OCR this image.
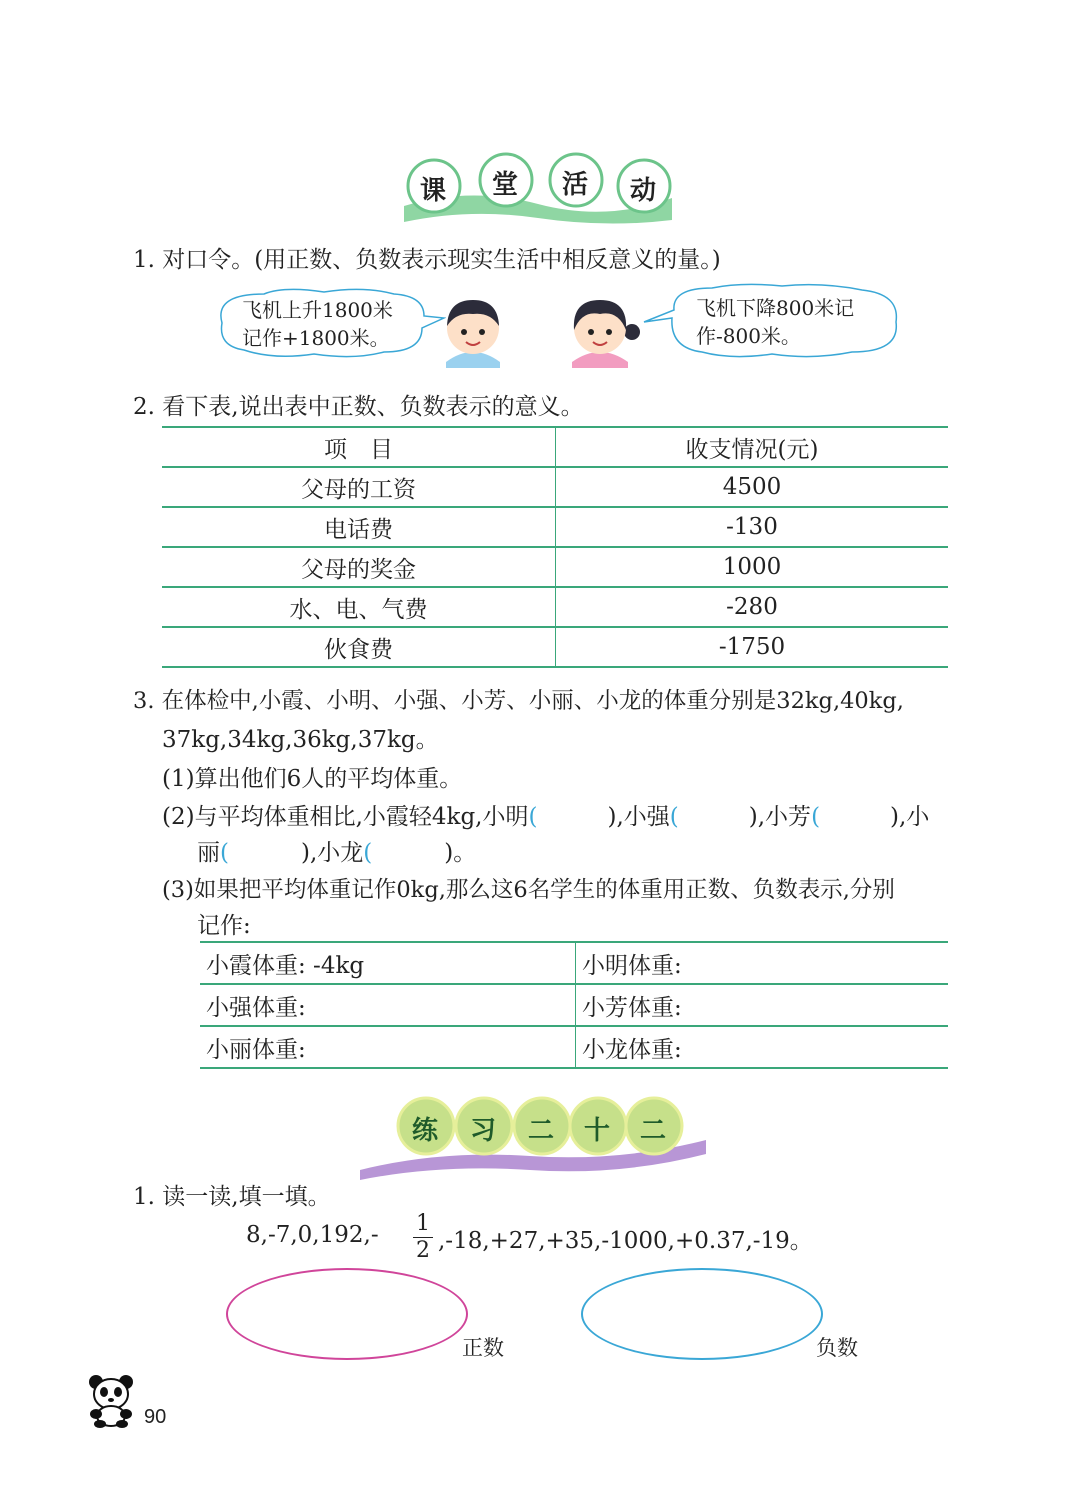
课 堂 活 动
1. 对口令。(用正数、负数表示现实生活中相反意义的量。)
飞机上升1800米
记作+1800米。
飞机下降800米记
作-800米。
2. 看下表,说出表中正数、负数表示的意义。
项　目	收支情况(元)
父母的工资	4500
电话费	-130
父母的奖金	1000
水、电、气费	-280
伙食费	-1750
3. 在体检中,小霞、小明、小强、小芳、小丽、小龙的体重分别是32kg,40kg,
37kg,34kg,36kg,37kg。
(1)算出他们6人的平均体重。
(2)与平均体重相比,小霞轻4kg,小明(	),小强(	),小芳(	),小
丽(	),小龙(	)。
(3)如果把平均体重记作0kg,那么这6名学生的体重用正数、负数表示,分别
记作:
小霞体重: -4kg	小明体重:
小强体重:	小芳体重:
小丽体重:	小龙体重:
练 习 二 十 二
1. 读一读,填一填。
8,-7,0,192,- 1
2 ,-18,+27,+35,-1000,+0.37,-19。
正数	负数
90
